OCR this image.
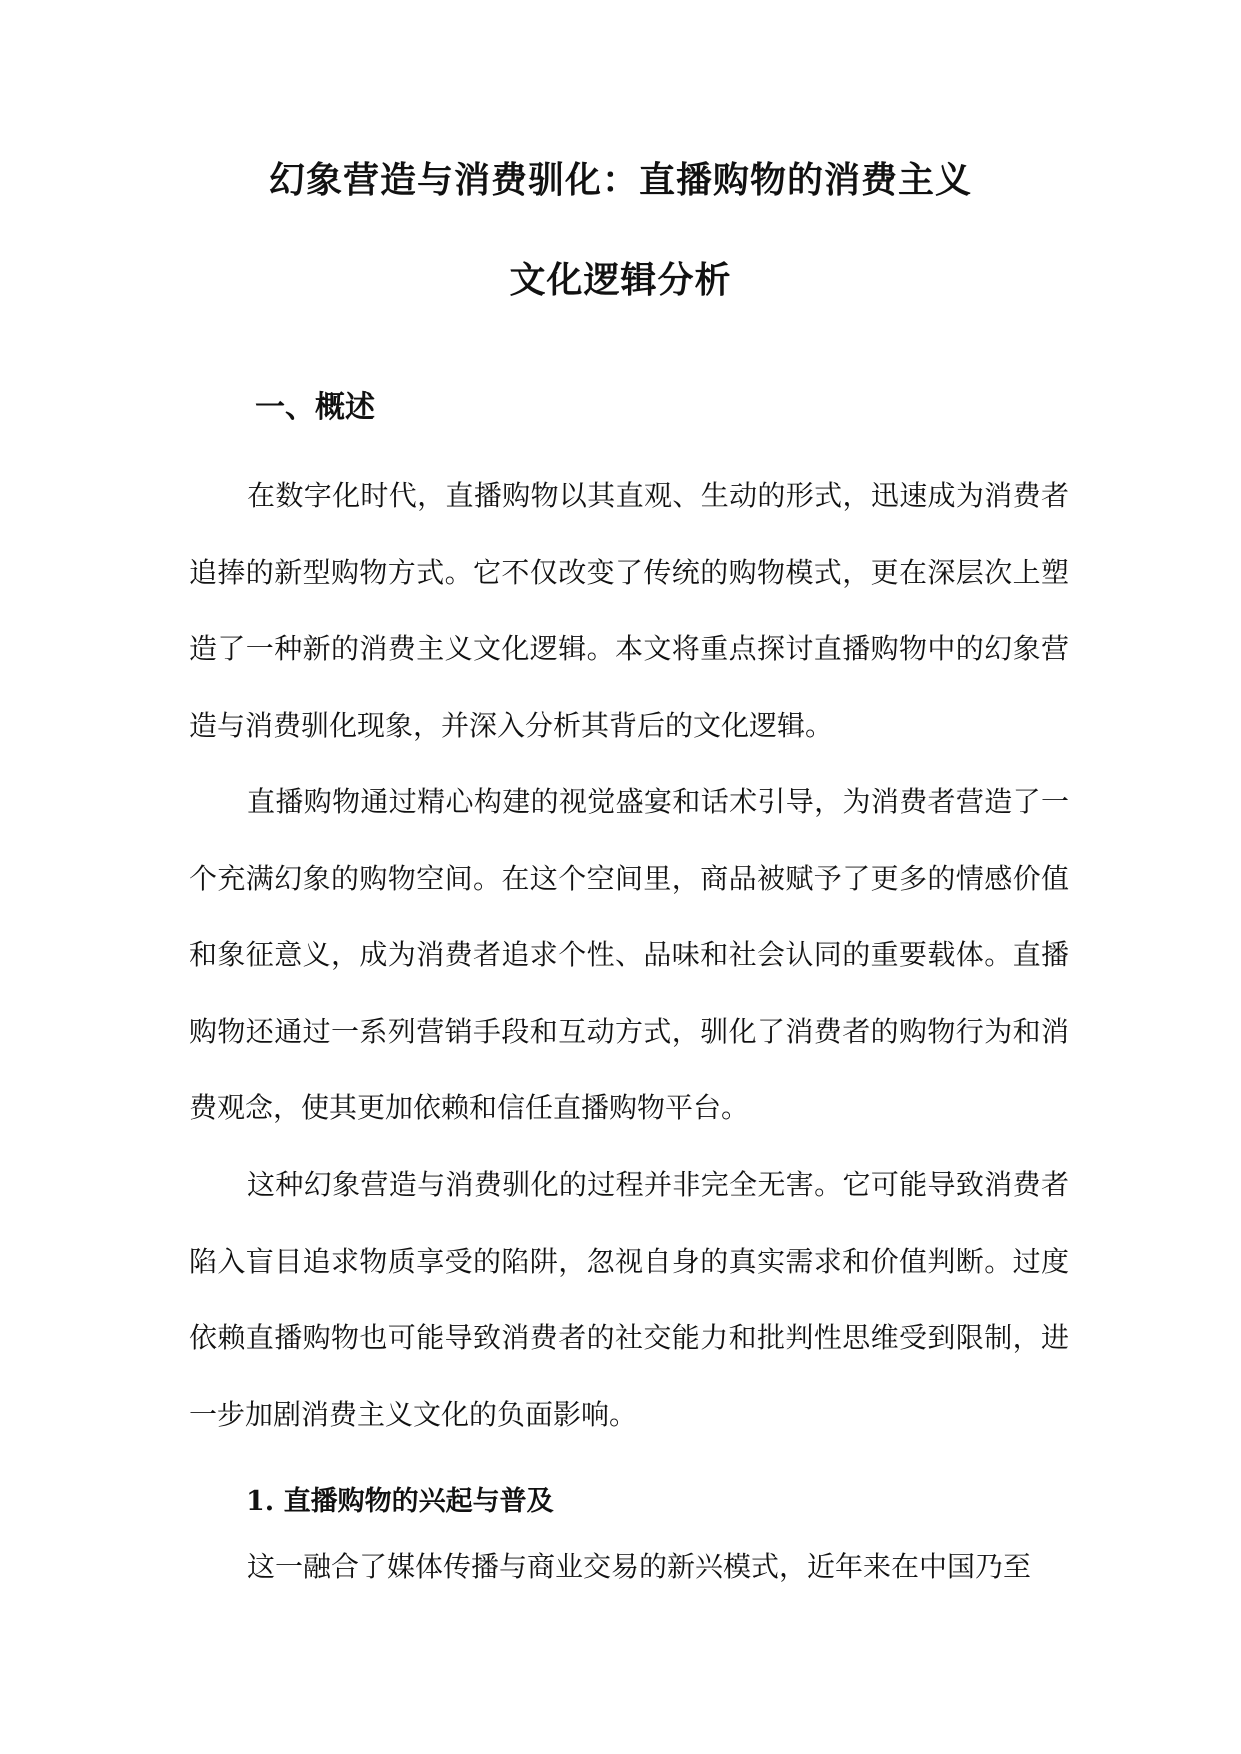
幻象营造与消费驯化：直播购物的消费主义
文化逻辑分析
一、概述

在数字化时代，直播购物以其直观、生动的形式，迅速成为消费者追捧的新型购物方式。它不仅改变了传统的购物模式，更在深层次上塑造了一种新的消费主义文化逻辑。本文将重点探讨直播购物中的幻象营造与消费驯化现象，并深入分析其背后的文化逻辑。

直播购物通过精心构建的视觉盛宴和话术引导，为消费者营造了一个充满幻象的购物空间。在这个空间里，商品被赋予了更多的情感价值和象征意义，成为消费者追求个性、品味和社会认同的重要载体。直播购物还通过一系列营销手段和互动方式，驯化了消费者的购物行为和消费观念，使其更加依赖和信任直播购物平台。

这种幻象营造与消费驯化的过程并非完全无害。它可能导致消费者陷入盲目追求物质享受的陷阱，忽视自身的真实需求和价值判断。过度依赖直播购物也可能导致消费者的社交能力和批判性思维受到限制，进一步加剧消费主义文化的负面影响。

1. 直播购物的兴起与普及

这一融合了媒体传播与商业交易的新兴模式，近年来在中国乃至
